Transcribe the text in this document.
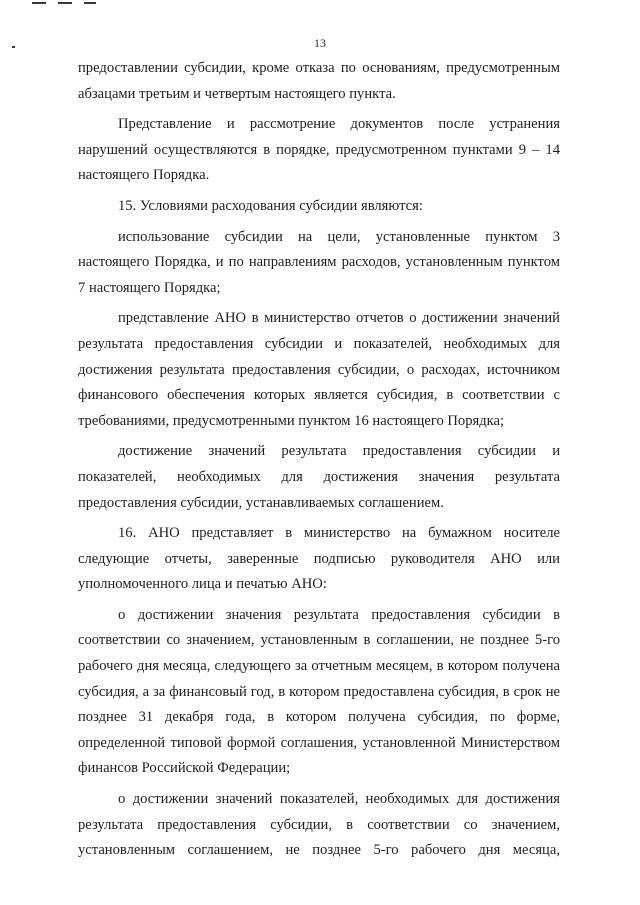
13

предоставлении субсидии, кроме отказа по основаниям, предусмотренным абзацами третьим и четвертым настоящего пункта.

Представление и рассмотрение документов после устранения нарушений осуществляются в порядке, предусмотренном пунктами 9 – 14 настоящего Порядка.

15. Условиями расходования субсидии являются:

использование субсидии на цели, установленные пунктом 3 настоящего Порядка, и по направлениям расходов, установленным пунктом 7 настоящего Порядка;

представление АНО в министерство отчетов о достижении значений результата предоставления субсидии и показателей, необходимых для достижения результата предоставления субсидии, о расходах, источником финансового обеспечения которых является субсидия, в соответствии с требованиями, предусмотренными пунктом 16 настоящего Порядка;

достижение значений результата предоставления субсидии и показателей, необходимых для достижения значения результата предоставления субсидии, устанавливаемых соглашением.

16. АНО представляет в министерство на бумажном носителе следующие отчеты, заверенные подписью руководителя АНО или уполномоченного лица и печатью АНО:

о достижении значения результата предоставления субсидии в соответствии со значением, установленным в соглашении, не позднее 5-го рабочего дня месяца, следующего за отчетным месяцем, в котором получена субсидия, а за финансовый год, в котором предоставлена субсидия, в срок не позднее 31 декабря года, в котором получена субсидия, по форме, определенной типовой формой соглашения, установленной Министерством финансов Российской Федерации;

о достижении значений показателей, необходимых для достижения результата предоставления субсидии, в соответствии со значением, установленным соглашением, не позднее 5-го рабочего дня месяца,
